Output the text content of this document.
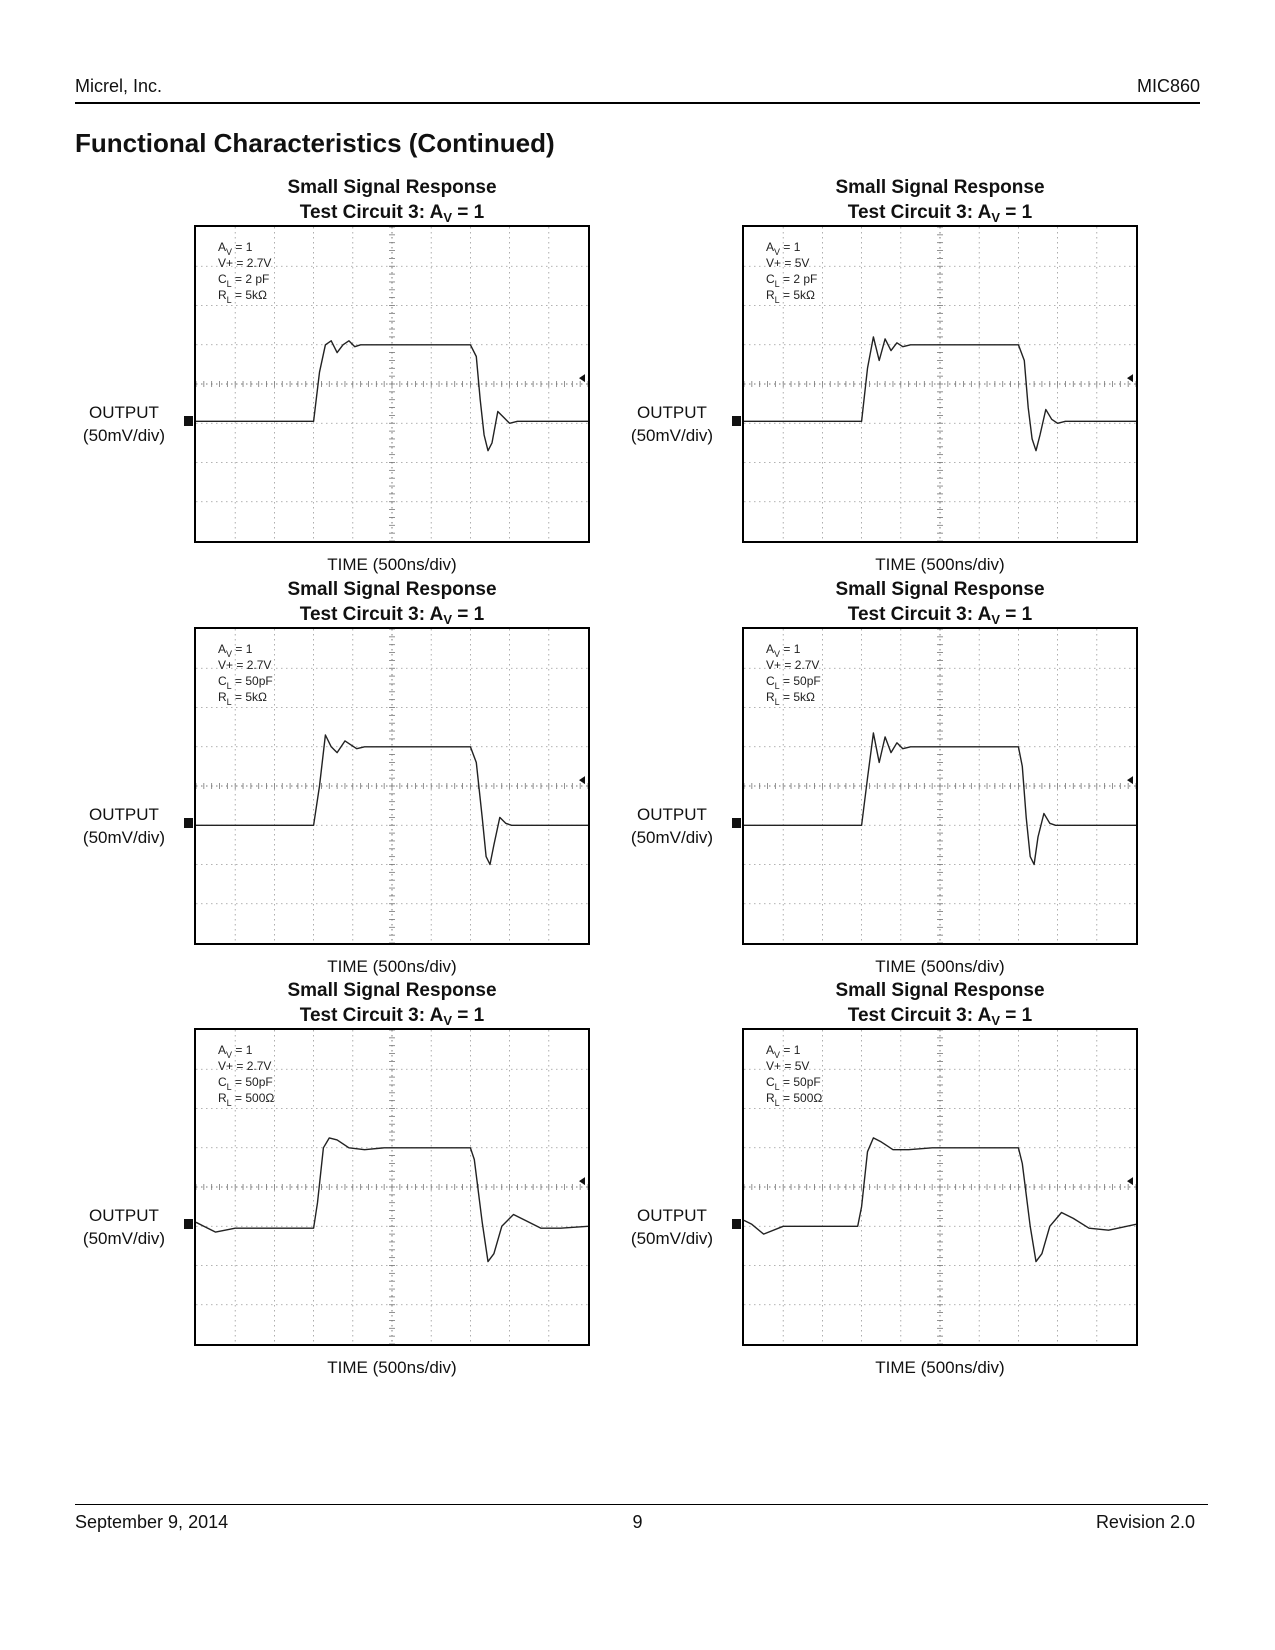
Micrel, Inc.	MIC860
Functional Characteristics (Continued)
Small Signal Response
Test Circuit 3: $A_V = 1$
$A_V = 1$
V+ = 2.7V
$C_L = 2$ pF
$R_L = 5k\Omega$
OUTPUT
(50mV/div)
TIME (500ns/div)
Small Signal Response
Test Circuit 3: $A_V = 1$
$A_V = 1$
V+ = 5V
$C_L = 2$ pF
$R_L = 5k\Omega$
OUTPUT
(50mV/div)
TIME (500ns/div)
Small Signal Response
Test Circuit 3: $A_V = 1$
$A_V = 1$
V+ = 2.7V
$C_L = 50pF$
$R_L = 5k\Omega$
OUTPUT
(50mV/div)
TIME (500ns/div)
Small Signal Response
Test Circuit 3: $A_V = 1$
$A_V = 1$
V+ = 2.7V
$C_L = 50pF$
$R_L = 5k\Omega$
OUTPUT
(50mV/div)
TIME (500ns/div)
Small Signal Response
Test Circuit 3: $A_V = 1$
$A_V = 1$
V+ = 2.7V
$C_L = 50pF$
$R_L = 500\Omega$
OUTPUT
(50mV/div)
TIME (500ns/div)
Small Signal Response
Test Circuit 3: $A_V = 1$
$A_V = 1$
V+ = 5V
$C_L = 50pF$
$R_L = 500\Omega$
OUTPUT
(50mV/div)
TIME (500ns/div)
September 9, 2014	9	Revision 2.0
